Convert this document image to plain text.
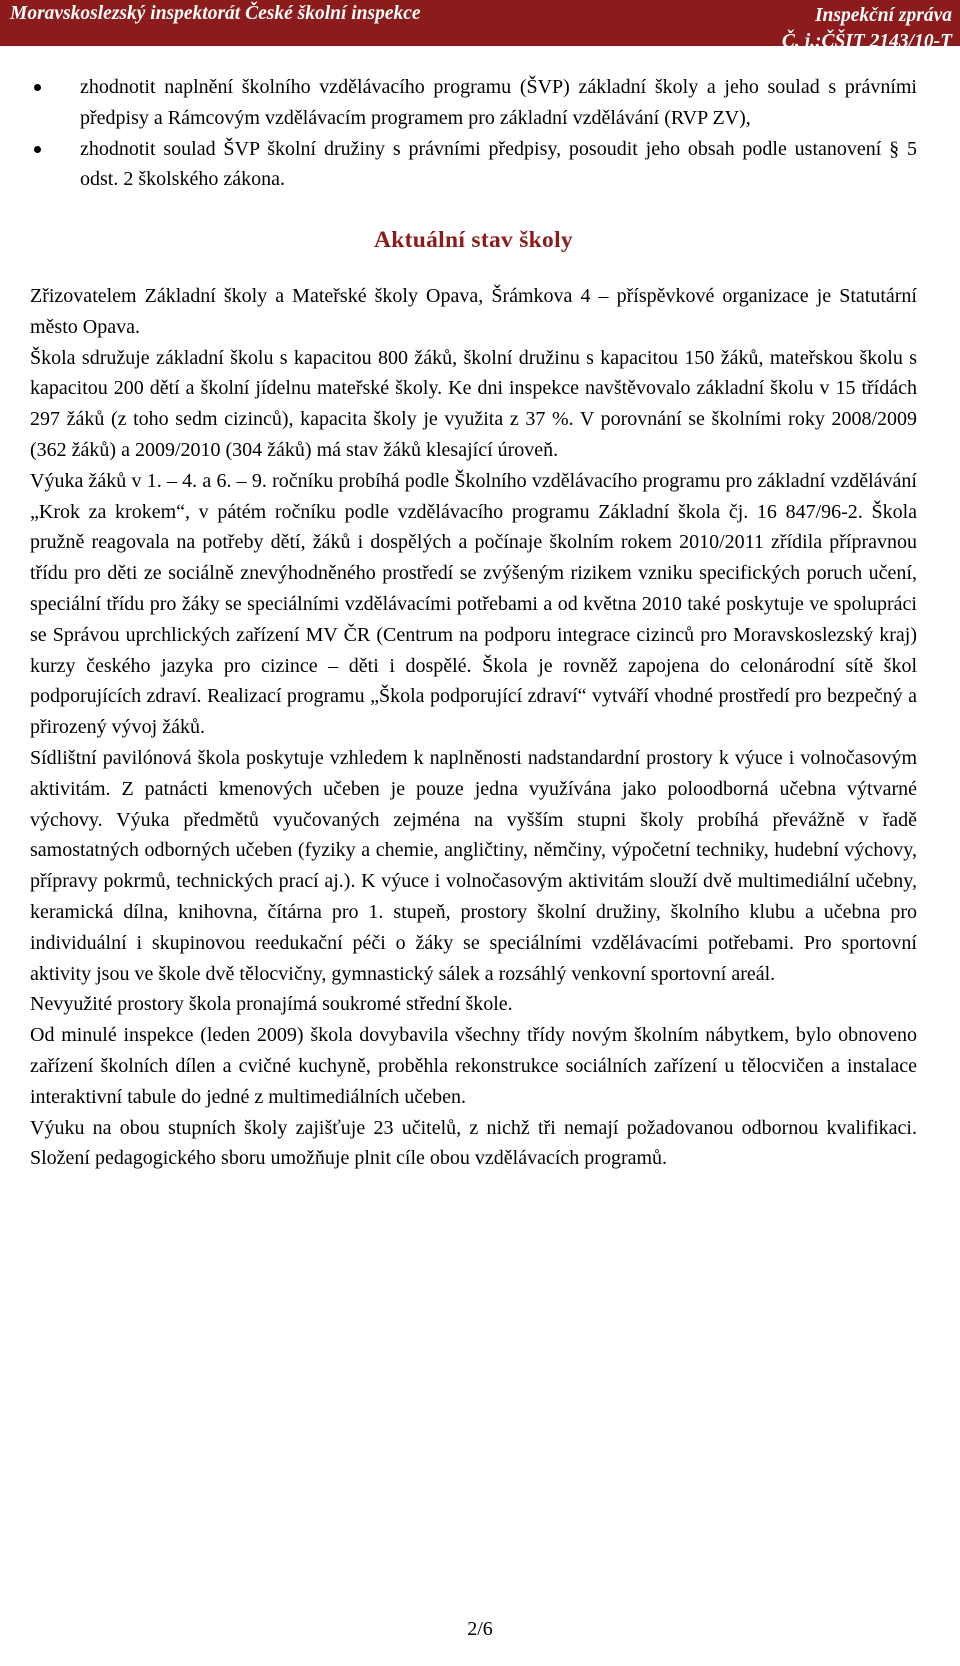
Moravskoslezský inspektorát České školní inspekce	Inspekční zpráva
Č. j.:ČŠIT 2143/10-T
zhodnotit naplnění školního vzdělávacího programu (ŠVP) základní školy a jeho soulad s právními předpisy a Rámcovým vzdělávacím programem pro základní vzdělávání (RVP ZV),
zhodnotit soulad ŠVP školní družiny s právními předpisy, posoudit jeho obsah podle ustanovení § 5 odst. 2 školského zákona.
Aktuální stav školy

Zřizovatelem Základní školy a Mateřské školy Opava, Šrámkova 4 – příspěvkové organizace je Statutární město Opava.

Škola sdružuje základní školu s kapacitou 800 žáků, školní družinu s kapacitou 150 žáků, mateřskou školu s kapacitou 200 dětí a školní jídelnu mateřské školy. Ke dni inspekce navštěvovalo základní školu v 15 třídách 297 žáků (z toho sedm cizinců), kapacita školy je využita z 37 %. V porovnání se školními roky 2008/2009 (362 žáků) a 2009/2010 (304 žáků) má stav žáků klesající úroveň.

Výuka žáků v 1. – 4. a 6. – 9. ročníku probíhá podle Školního vzdělávacího programu pro základní vzdělávání „Krok za krokem“, v pátém ročníku podle vzdělávacího programu Základní škola čj. 16 847/96-2. Škola pružně reagovala na potřeby dětí, žáků i dospělých a počínaje školním rokem 2010/2011 zřídila přípravnou třídu pro děti ze sociálně znevýhodněného prostředí se zvýšeným rizikem vzniku specifických poruch učení, speciální třídu pro žáky se speciálními vzdělávacími potřebami a od května 2010 také poskytuje ve spolupráci se Správou uprchlických zařízení MV ČR (Centrum na podporu integrace cizinců pro Moravskoslezský kraj) kurzy českého jazyka pro cizince – děti i dospělé. Škola je rovněž zapojena do celonárodní sítě škol podporujících zdraví. Realizací programu „Škola podporující zdraví“ vytváří vhodné prostředí pro bezpečný a přirozený vývoj žáků.

Sídlištní pavilónová škola poskytuje vzhledem k naplněnosti nadstandardní prostory k výuce i volnočasovým aktivitám. Z patnácti kmenových učeben je pouze jedna využívána jako poloodborná učebna výtvarné výchovy. Výuka předmětů vyučovaných zejména na vyšším stupni školy probíhá převážně v řadě samostatných odborných učeben (fyziky a chemie, angličtiny, němčiny, výpočetní techniky, hudební výchovy, přípravy pokrmů, technických prací aj.). K výuce i volnočasovým aktivitám slouží dvě multimediální učebny, keramická dílna, knihovna, čítárna pro 1. stupeň, prostory školní družiny, školního klubu a učebna pro individuální i skupinovou reedukační péči o žáky se speciálními vzdělávacími potřebami. Pro sportovní aktivity jsou ve škole dvě tělocvičny, gymnastický sálek a rozsáhlý venkovní sportovní areál.

Nevyužité prostory škola pronajímá soukromé střední škole.

Od minulé inspekce (leden 2009) škola dovybavila všechny třídy novým školním nábytkem, bylo obnoveno zařízení školních dílen a cvičné kuchyně, proběhla rekonstrukce sociálních zařízení u tělocvičen a instalace interaktivní tabule do jedné z multimediálních učeben.

Výuku na obou stupních školy zajišťuje 23 učitelů, z nichž tři nemají požadovanou odbornou kvalifikaci. Složení pedagogického sboru umožňuje plnit cíle obou vzdělávacích programů.

2/6
